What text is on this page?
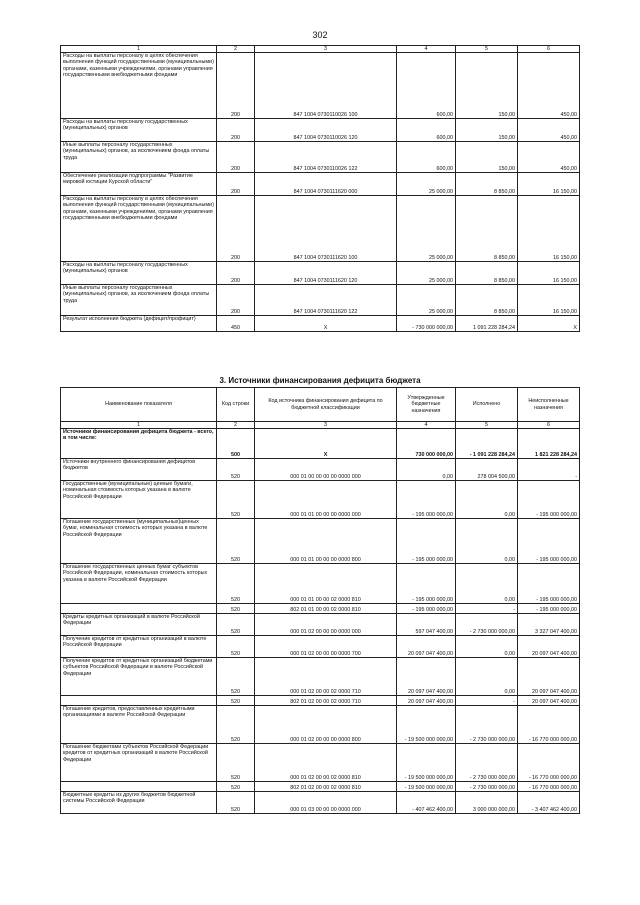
302
1	2	3	4	5	6
Расходы на выплаты персоналу в целях обеспечения выполнения функций государственными (муниципальными) органами, казенными учреждениями, органами управления государственными внебюджетными фондами	200	847 1004 0730110026 100	600,00	150,00	450,00
Расходы на выплаты персоналу государственных (муниципальных) органов	200	847 1004 0730110026 120	600,00	150,00	450,00
Иные выплаты персоналу государственных (муниципальных) органов, за исключением фонда оплаты труда	200	847 1004 0730110026 122	600,00	150,00	450,00
Обеспечение реализации подпрограммы "Развитие мировой юстиции Курской области"	200	847 1004 0730111620 000	25 000,00	8 850,00	16 150,00
Расходы на выплаты персоналу в целях обеспечения выполнения функций государственными (муниципальными) органами, казенными учреждениями, органами управления государственными внебюджетными фондами	200	847 1004 0730111620 100	25 000,00	8 850,00	16 150,00
Расходы на выплаты персоналу государственных (муниципальных) органов	200	847 1004 0730111620 120	25 000,00	8 850,00	16 150,00
Иные выплаты персоналу государственных (муниципальных) органов, за исключением фонда оплаты труда	200	847 1004 0730111620 122	25 000,00	8 850,00	16 150,00
Результат исполнения бюджета (дефицит/профицит)	450	X	- 730 000 000,00	1 091 228 284,24	X
3. Источники финансирования дефицита бюджета
Наименование показателя	Код строки	Код источника финансирования дефицита по бюджетной классификации	Утвержденные бюджетные назначения	Исполнено	Неисполненные назначения
1	2	3	4	5	6
Источники финансирования дефицита бюджета - всего, в том числе:	500	X	730 000 000,00	- 1 091 228 284,24	1 821 228 284,24
Источники внутреннего финансирования дефицитов бюджетов	520	000 01 00 00 00 00 0000 000	0,00	278 004 500,00	-
Государственные (муниципальные) ценные бумаги, номинальная стоимость которых указана в валюте Российской Федерации	520	000 01 01 00 00 00 0000 000	- 195 000 000,00	0,00	- 195 000 000,00
Погашение государственных (муниципальных)ценных бумаг, номинальная стоимость которых указана в валюте Российской Федерации	520	000 01 01 00 00 00 0000 800	- 195 000 000,00	0,00	- 195 000 000,00
Погашение государственных ценных бумаг субъектов Российской Федерации, номинальная стоимость которых указана в валюте Российской Федерации	520	000 01 01 00 00 02 0000 810	- 195 000 000,00	0,00	- 195 000 000,00
	520	802 01 01 00 00 02 0000 810	- 195 000 000,00	-	- 195 000 000,00
Кредиты кредитных организаций в валюте Российской Федерации	520	000 01 02 00 00 00 0000 000	597 047 400,00	- 2 730 000 000,00	3 327 047 400,00
Получение кредитов от кредитных организаций в валюте Российской Федерации	520	000 01 02 00 00 00 0000 700	20 097 047 400,00	0,00	20 097 047 400,00
Получение кредитов от кредитных организаций бюджетами субъектов Российской Федерации в валюте Российской Федерации	520	000 01 02 00 00 02 0000 710	20 097 047 400,00	0,00	20 097 047 400,00
	520	802 01 02 00 00 02 0000 710	20 097 047 400,00	-	20 097 047 400,00
Погашение кредитов, предоставленных кредитными организациями в валюте Российской Федерации	520	000 01 02 00 00 00 0000 800	- 19 500 000 000,00	- 2 730 000 000,00	- 16 770 000 000,00
Погашение бюджетами субъектов Российской Федерации кредитов от кредитных организаций в валюте Российской Федерации	520	000 01 02 00 00 02 0000 810	- 19 500 000 000,00	- 2 730 000 000,00	- 16 770 000 000,00
	520	802 01 02 00 00 02 0000 810	- 19 500 000 000,00	- 2 730 000 000,00	- 16 770 000 000,00
Бюджетные кредиты из других бюджетов бюджетной системы Российской Федерации	520	000 01 03 00 00 00 0000 000	- 407 462 400,00	3 000 000 000,00	- 3 407 462 400,00
